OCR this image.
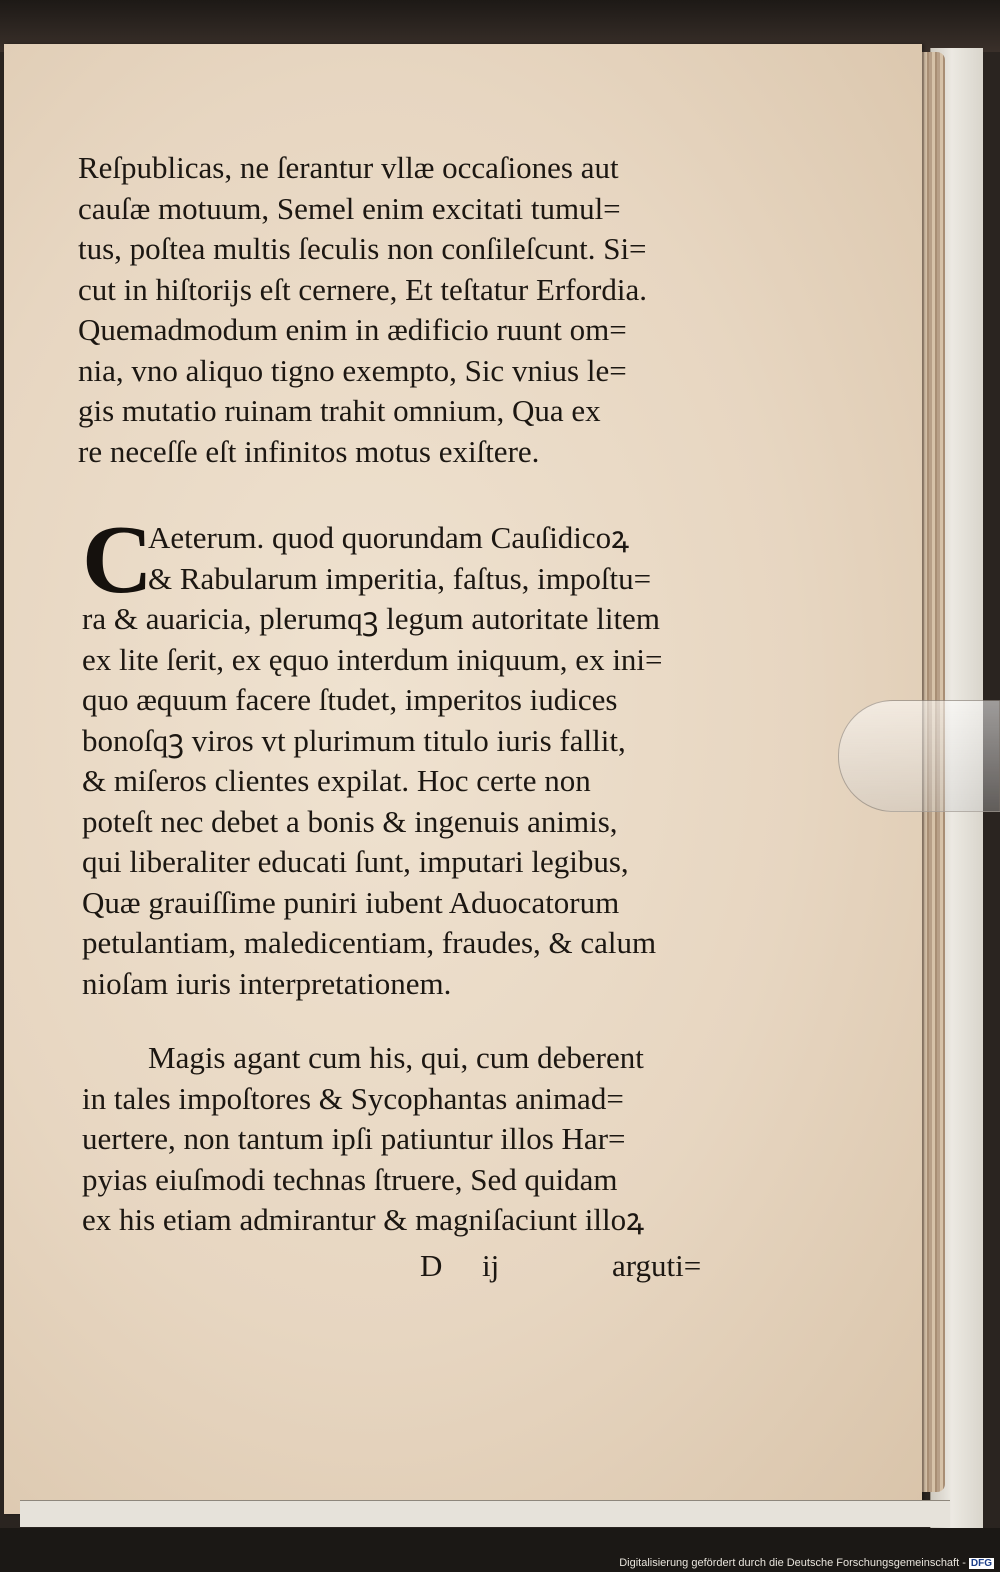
Reſpublicas, ne ſerantur vllæ occaſiones aut
cauſæ motuum, Semel enim excitati tumul=
tus, poſtea multis ſeculis non conſileſcunt. Si=
cut in hiſtorijs eſt cernere, Et teſtatur Erfordia.
Quemadmodum enim in ædificio ruunt om=
nia, vno aliquo tigno exempto, Sic vnius le=
gis mutatio ruinam trahit omnium, Qua ex
re neceſſe eſt infinitos motus exiſtere.
C
Aeterum. quod quorundam Cauſidicoꝝ
& Rabularum imperitia, faſtus, impoſtu=
ra & auaricia, plerumqꝫ legum autoritate litem
ex lite ſerit, ex ęquo interdum iniquum, ex ini=
quo æquum facere ſtudet, imperitos iudices
bonoſqꝫ viros vt plurimum titulo iuris fallit,
& miſeros clientes expilat. Hoc certe non
poteſt nec debet a bonis & ingenuis animis,
qui liberaliter educati ſunt, imputari legibus,
Quæ grauiſſime puniri iubent Aduocatorum
petulantiam, maledicentiam, fraudes, & calum
nioſam iuris interpretationem.
Magis agant cum his, qui, cum deberent
in tales impoſtores & Sycophantas animad=
uertere, non tantum ipſi patiuntur illos Har=
pyias eiuſmodi technas ſtruere, Sed quidam
ex his etiam admirantur & magniſaciunt illoꝝ
D ij	arguti=
Digitalisierung gefördert durch die Deutsche Forschungsgemeinschaft - DFG
